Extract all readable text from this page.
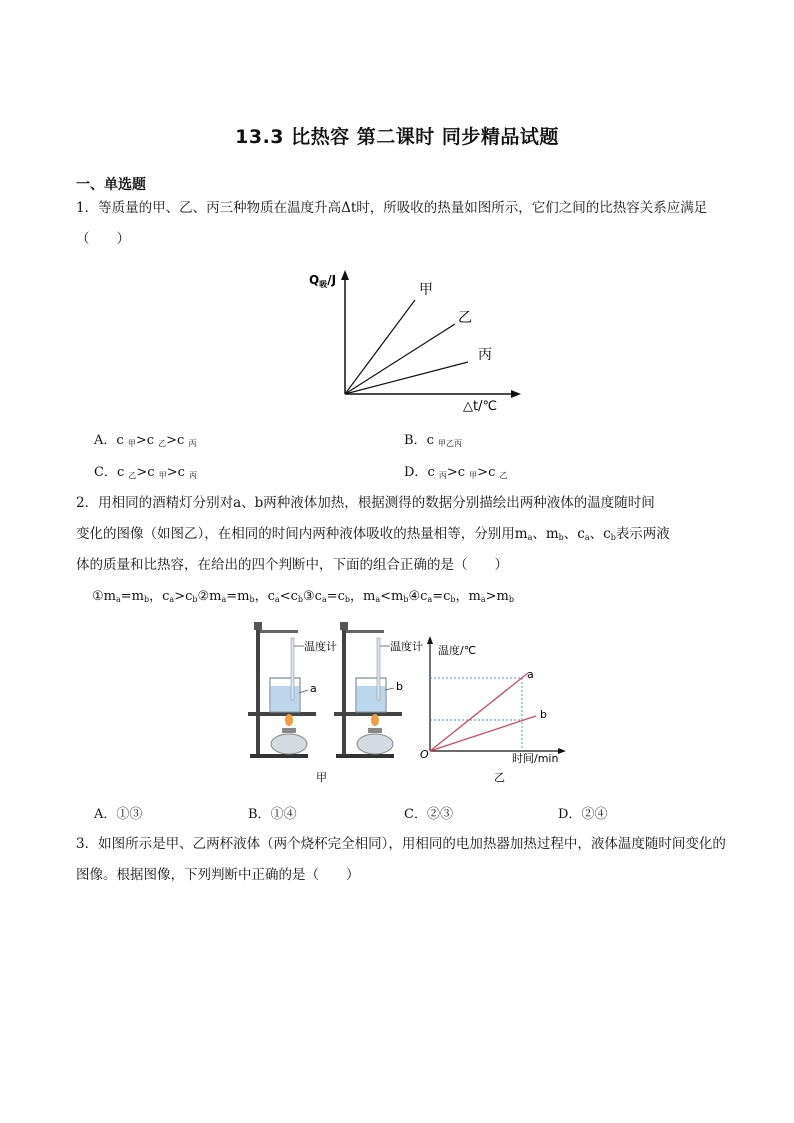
13.3 比热容 第二课时 同步精品试题
一、单选题
1．等质量的甲、乙、丙三种物质在温度升高Δt时，所吸收的热量如图所示，它们之间的比热容关系应满足（　　）
$Q_吸/J$
△t/℃
甲
乙
丙
A．c $_甲$>c $_乙$>c $_丙$	B．c $_{甲乙丙}$
C．c $_乙$>c $_甲$>c $_丙$	D．c $_丙$>c $_甲$>c $_乙$
2．用相同的酒精灯分别对a、b两种液体加热，根据测得的数据分别描绘出两种液体的温度随时间
变化的图像（如图乙），在相同的时间内两种液体吸收的热量相等，分别用$m_a$、$m_b$、$c_a$、$c_b$表示两液
体的质量和比热容，在给出的四个判断中，下面的组合正确的是（　　）
$①m_a=m_b$，$c_a>c_b②m_a=m_b$，$c_a<c_b③c_a=c_b$，$m_a<m_b④c_a=c_b$，$m_a>m_b$
温度计
a
温度计
b
甲
温度/℃
时间/min
O
a
b
乙
A．①③	B．①④	C．②③	D．②④
3．如图所示是甲、乙两杯液体（两个烧杯完全相同），用相同的电加热器加热过程中，液体温度随时间变化的图像。根据图像，下列判断中正确的是（　　）
